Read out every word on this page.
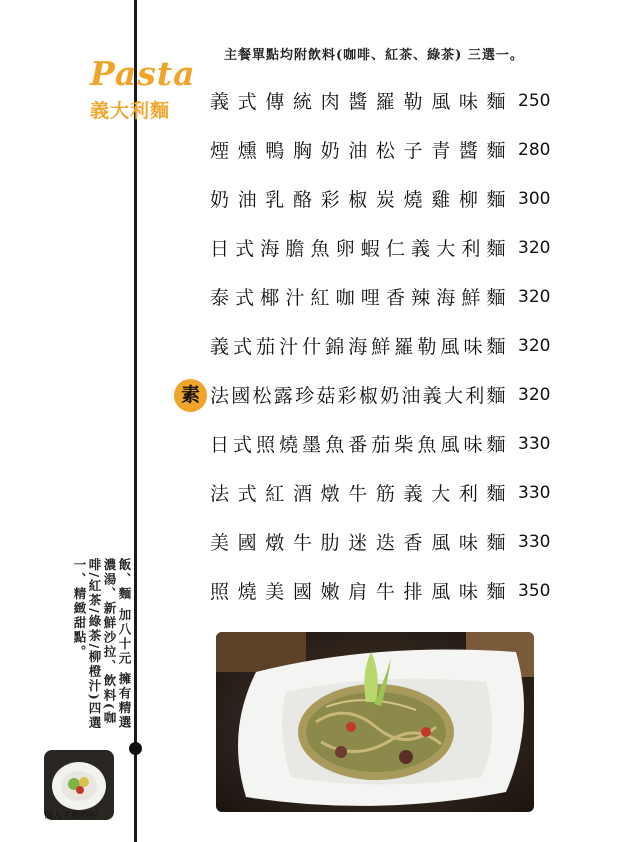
Pasta
義大利麵
主餐單點均附飲料(咖啡、紅茶、綠茶) 三選一。
義式傳統肉醬羅勒風味麵 250
煙燻鴨胸奶油松子青醬麵 280
奶油乳酪彩椒炭燒雞柳麵 300
日式海膽魚卵蝦仁義大利麵 320
泰式椰汁紅咖哩香辣海鮮麵 320
義式茄汁什錦海鮮羅勒風味麵 320
素 法國松露珍菇彩椒奶油義大利麵 320
日式照燒墨魚番茄柴魚風味麵 330
法式紅酒燉牛筋義大利麵 330
美國燉牛肋迷迭香風味麵 330
照燒美國嫩肩牛排風味麵 350
飯、麵 加八十元 擁有精選濃湯、新鮮沙拉、飲料(咖啡/紅茶/綠茶/柳橙汁)四選一、精緻甜點。
個人主廚沙拉
